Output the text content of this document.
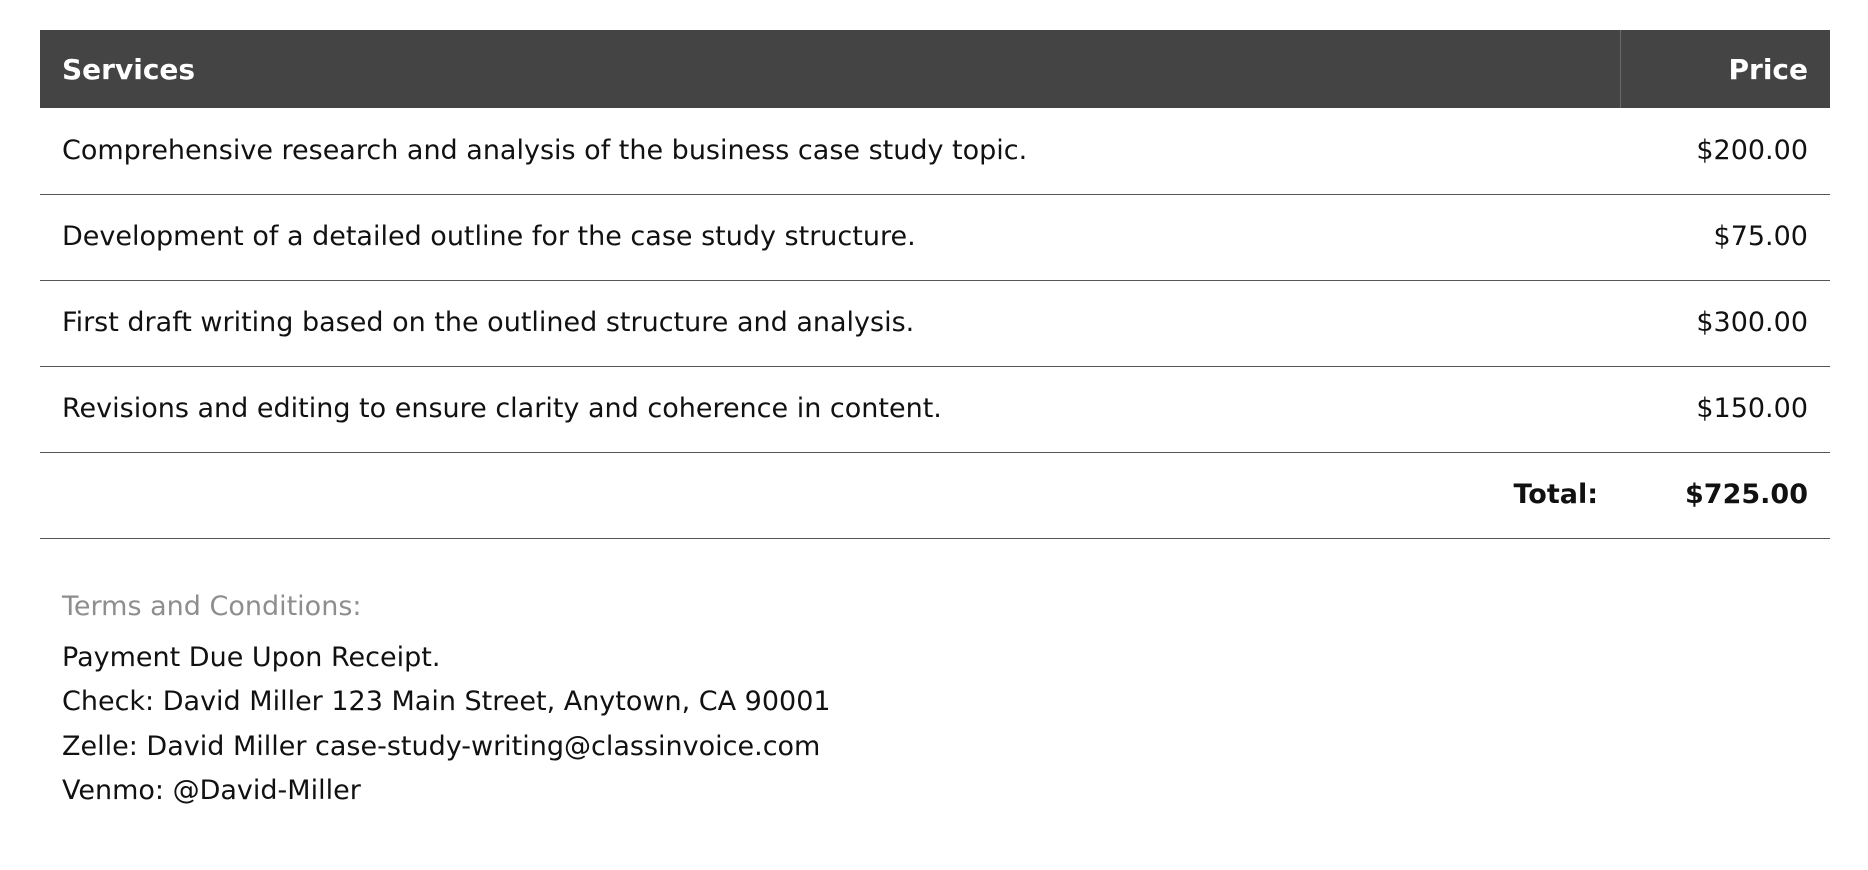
Services	Price
Comprehensive research and analysis of the business case study topic.	$200.00
Development of a detailed outline for the case study structure.	$75.00
First draft writing based on the outlined structure and analysis.	$300.00
Revisions and editing to ensure clarity and coherence in content.	$150.00
Total:	$725.00
Terms and Conditions:
Payment Due Upon Receipt.
Check: David Miller 123 Main Street, Anytown, CA 90001
Zelle: David Miller case-study-writing@classinvoice.com
Venmo: @David-Miller
